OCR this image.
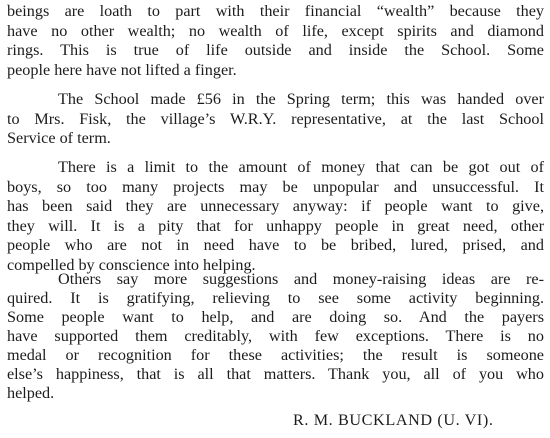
beings are loath to part with their financial “wealth” because they
have no other wealth; no wealth of life, except spirits and diamond
rings. This is true of life outside and inside the School. Some
people here have not lifted a finger.
The School made £56 in the Spring term; this was handed over
to Mrs. Fisk, the village’s W.R.Y. representative, at the last School
Service of term.
There is a limit to the amount of money that can be got out of
boys, so too many projects may be unpopular and unsuccessful. It
has been said they are unnecessary anyway: if people want to give,
they will. It is a pity that for unhappy people in great need, other
people who are not in need have to be bribed, lured, prised, and
compelled by conscience into helping.
Others say more suggestions and money-raising ideas are re-
quired. It is gratifying, relieving to see some activity beginning.
Some people want to help, and are doing so. And the payers
have supported them creditably, with few exceptions. There is no
medal or recognition for these activities; the result is someone
else’s happiness, that is all that matters. Thank you, all of you who
helped.
R. M. BUCKLAND (U. VI).
